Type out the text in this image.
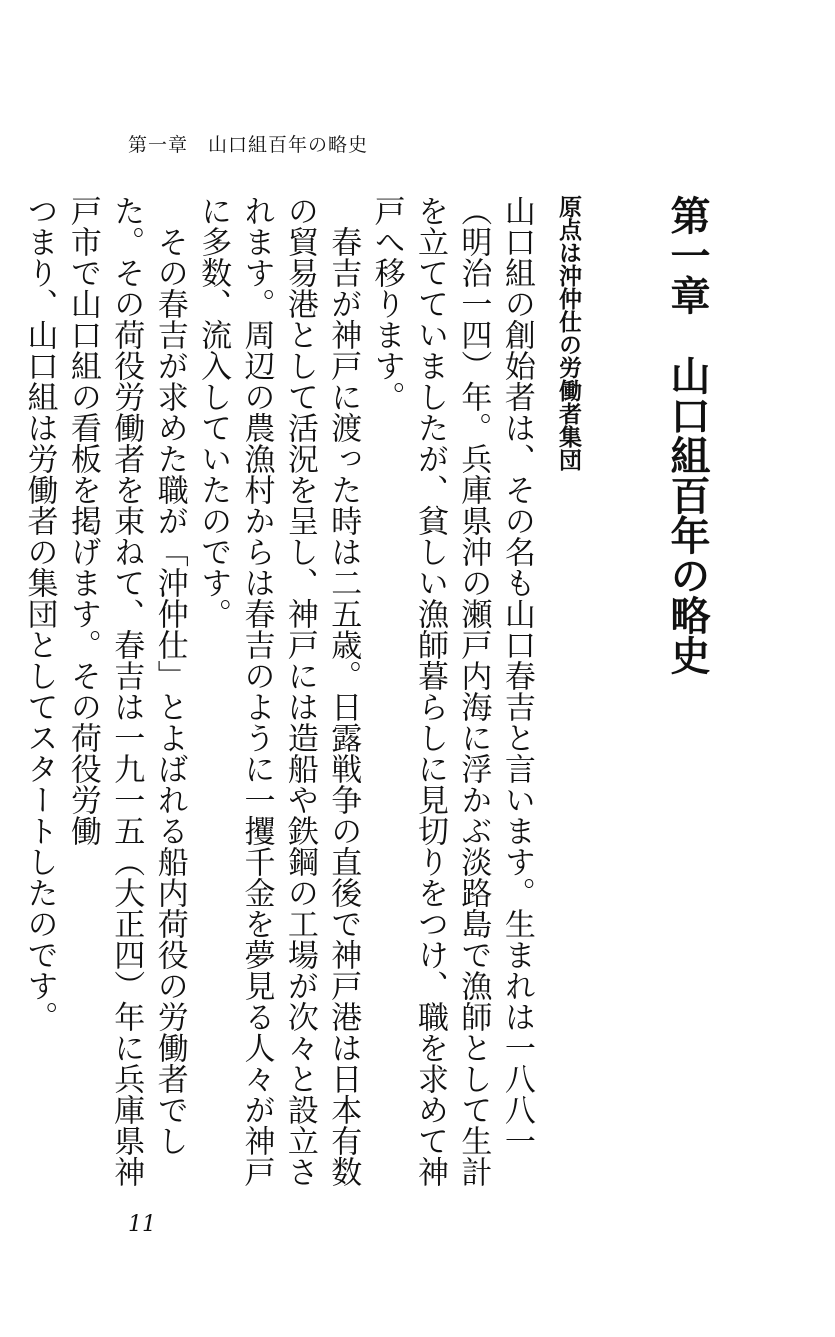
第一章　山口組百年の略史
第一章　山口組百年の略史
原点は沖仲仕の労働者集団

山口組の創始者は、その名も山口春吉と言います。生まれは一八八一（明治一四）年。兵庫県沖の瀬戸内海に浮かぶ淡路島で漁師として生計を立てていましたが、貧しい漁師暮らしに見切りをつけ、職を求めて神戸へ移ります。

春吉が神戸に渡った時は二五歳。日露戦争の直後で神戸港は日本有数の貿易港として活況を呈し、神戸には造船や鉄鋼の工場が次々と設立されます。周辺の農漁村からは春吉のように一攫千金を夢見る人々が神戸に多数、流入していたのです。

その春吉が求めた職が「沖仲仕」とよばれる船内荷役の労働者でした。その荷役労働者を束ねて、春吉は一九一五（大正四）年に兵庫県神戸市で山口組の看板を掲げます。その荷役労働

つまり、山口組は労働者の集団としてスタートしたのです。

11
